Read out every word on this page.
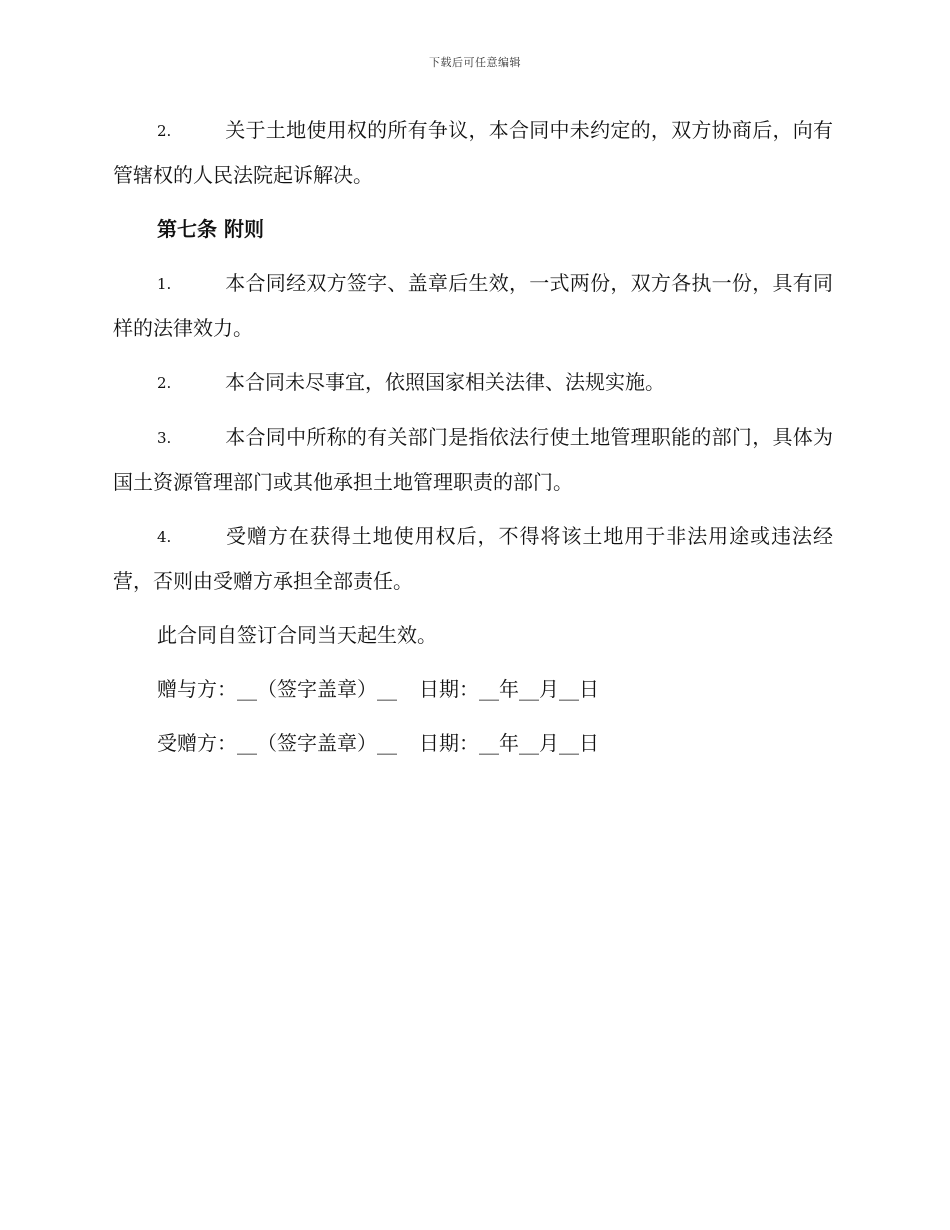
下载后可任意编辑

2.	关于土地使用权的所有争议，本合同中未约定的，双方协商后，向有管辖权的人民法院起诉解决。

第七条 附则

1.	本合同经双方签字、盖章后生效，一式两份，双方各执一份，具有同样的法律效力。

2.	本合同未尽事宜，依照国家相关法律、法规实施。

3.	本合同中所称的有关部门是指依法行使土地管理职能的部门，具体为国土资源管理部门或其他承担土地管理职责的部门。

4.	受赠方在获得土地使用权后，不得将该土地用于非法用途或违法经营，否则由受赠方承担全部责任。

此合同自签订合同当天起生效。

赠与方：__（签字盖章）__ 日期：__年__月__日

受赠方：__（签字盖章）__ 日期：__年__月__日
